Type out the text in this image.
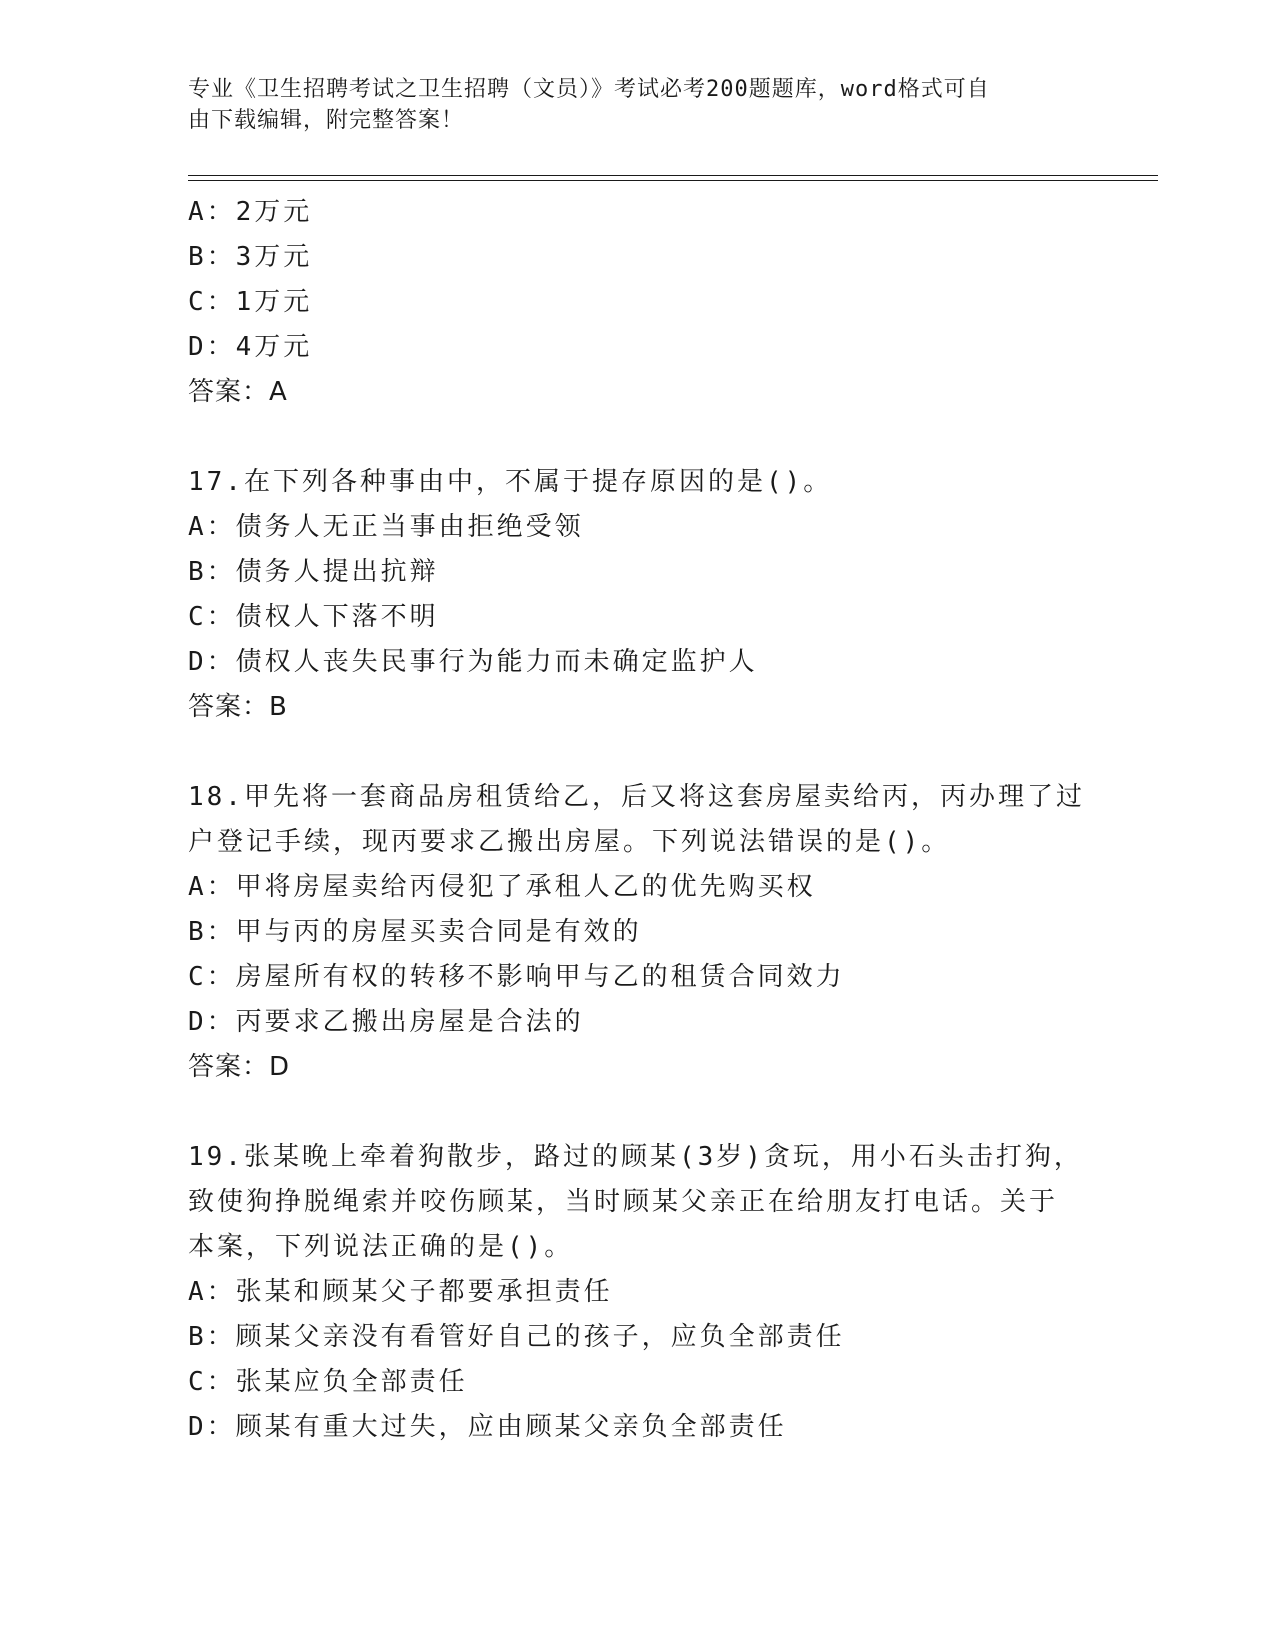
专业《卫生招聘考试之卫生招聘（文员）》考试必考200题题库，word格式可自
由下载编辑，附完整答案！
A：2万元
B：3万元
C：1万元
D：4万元
答案：A
17.在下列各种事由中，不属于提存原因的是()。
A：债务人无正当事由拒绝受领
B：债务人提出抗辩
C：债权人下落不明
D：债权人丧失民事行为能力而未确定监护人
答案：B
18.甲先将一套商品房租赁给乙，后又将这套房屋卖给丙，丙办理了过
户登记手续，现丙要求乙搬出房屋。下列说法错误的是()。
A：甲将房屋卖给丙侵犯了承租人乙的优先购买权
B：甲与丙的房屋买卖合同是有效的
C：房屋所有权的转移不影响甲与乙的租赁合同效力
D：丙要求乙搬出房屋是合法的
答案：D
19.张某晚上牵着狗散步，路过的顾某(3岁)贪玩，用小石头击打狗，
致使狗挣脱绳索并咬伤顾某，当时顾某父亲正在给朋友打电话。关于
本案，下列说法正确的是()。
A：张某和顾某父子都要承担责任
B：顾某父亲没有看管好自己的孩子，应负全部责任
C：张某应负全部责任
D：顾某有重大过失，应由顾某父亲负全部责任
